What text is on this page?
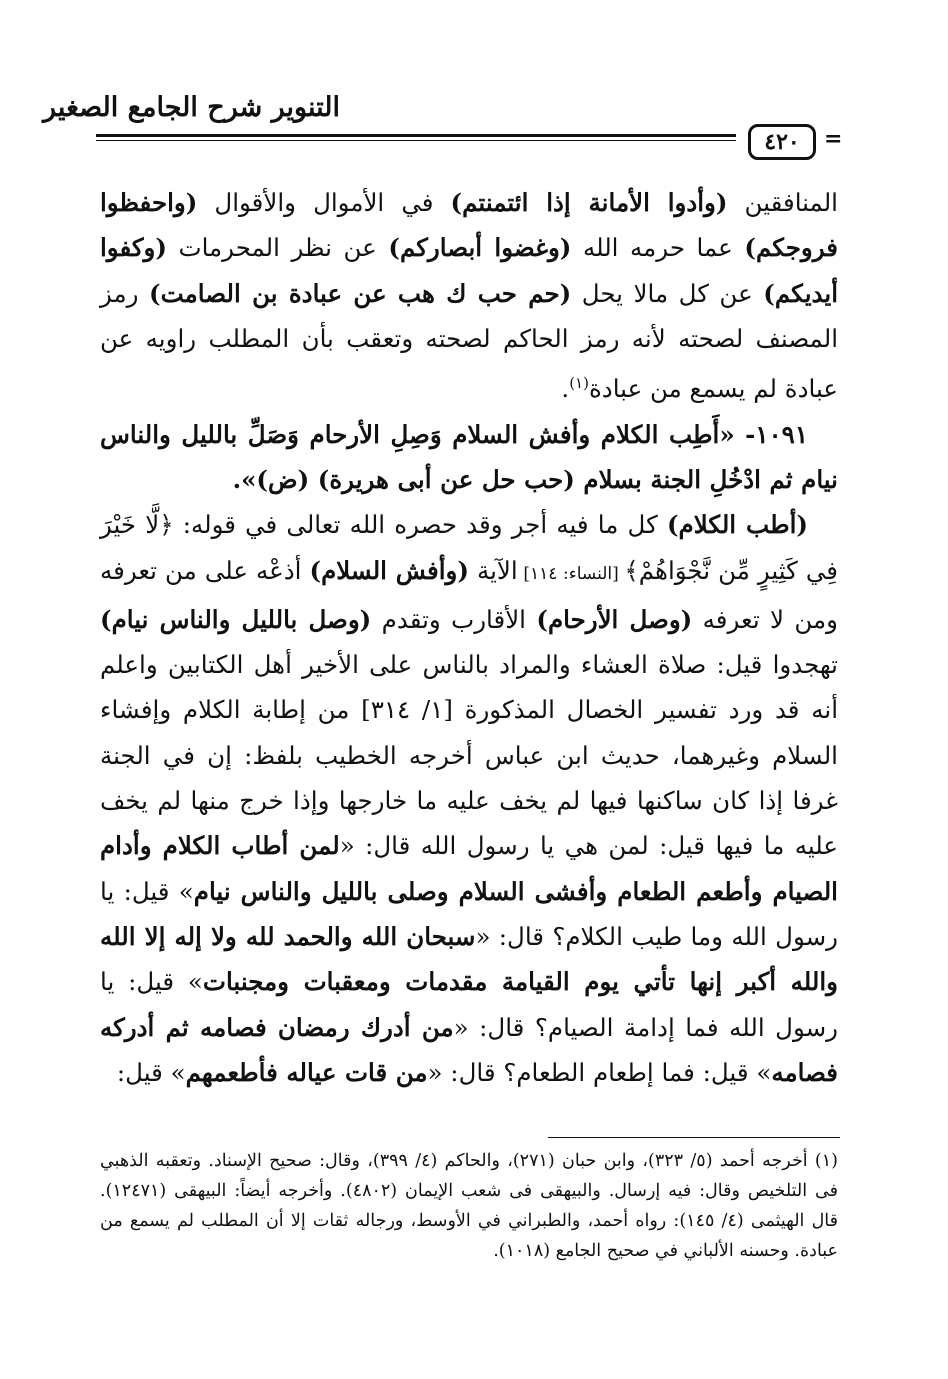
التنوير شرح الجامع الصغير
٤٢٠	=

المنافقين (وأدوا الأمانة إذا ائتمنتم) في الأموال والأقوال (واحفظوا فروجكم) عما حرمه الله (وغضوا أبصاركم) عن نظر المحرمات (وكفوا أيديكم) عن كل مالا يحل (حم حب ك هب عن عبادة بن الصامت) رمز المصنف لصحته لأنه رمز الحاكم لصحته وتعقب بأن المطلب راويه عن عبادة لم يسمع من عبادة$^{(١)}$.

١٠٩١- «أَطِب الكلام وأفش السلام وَصِلِ الأرحام وَصَلِّ بالليل والناس نيام ثم ادْخُلِ الجنة بسلام (حب حل عن أبى هريرة) (ض)».

(أطب الكلام) كل ما فيه أجر وقد حصره الله تعالى في قوله: ﴿لَّا خَيْرَ فِي كَثِيرٍ مِّن نَّجْوَاهُمْ﴾ [النساء: ١١٤] الآية (وأفش السلام) أذعْه على من تعرفه ومن لا تعرفه (وصل الأرحام) الأقارب وتقدم (وصل بالليل والناس نيام) تهجدوا قيل: صلاة العشاء والمراد بالناس على الأخير أهل الكتابين واعلم أنه قد ورد تفسير الخصال المذكورة [١/ ٣١٤] من إطابة الكلام وإفشاء السلام وغيرهما، حديث ابن عباس أخرجه الخطيب بلفظ: إن في الجنة غرفا إذا كان ساكنها فيها لم يخف عليه ما خارجها وإذا خرج منها لم يخف عليه ما فيها قيل: لمن هي يا رسول الله قال: «لمن أطاب الكلام وأدام الصيام وأطعم الطعام وأفشى السلام وصلى بالليل والناس نيام» قيل: يا رسول الله وما طيب الكلام؟ قال: «سبحان الله والحمد لله ولا إله إلا الله والله أكبر إنها تأتي يوم القيامة مقدمات ومعقبات ومجنبات» قيل: يا رسول الله فما إدامة الصيام؟ قال: «من أدرك رمضان فصامه ثم أدركه فصامه» قيل: فما إطعام الطعام؟ قال: «من قات عياله فأطعمهم» قيل:

(١) أخرجه أحمد (٥/ ٣٢٣)، وابن حبان (٢٧١)، والحاكم (٤/ ٣٩٩)، وقال: صحيح الإسناد. وتعقبه الذهبي فى التلخيص وقال: فيه إرسال. والبيهقى فى شعب الإيمان (٤٨٠٢). وأخرجه أيضاً: البيهقى (١٢٤٧١). قال الهيثمى (٤/ ١٤٥): رواه أحمد، والطبراني في الأوسط، ورجاله ثقات إلا أن المطلب لم يسمع من عبادة. وحسنه الألباني في صحيح الجامع (١٠١٨).
